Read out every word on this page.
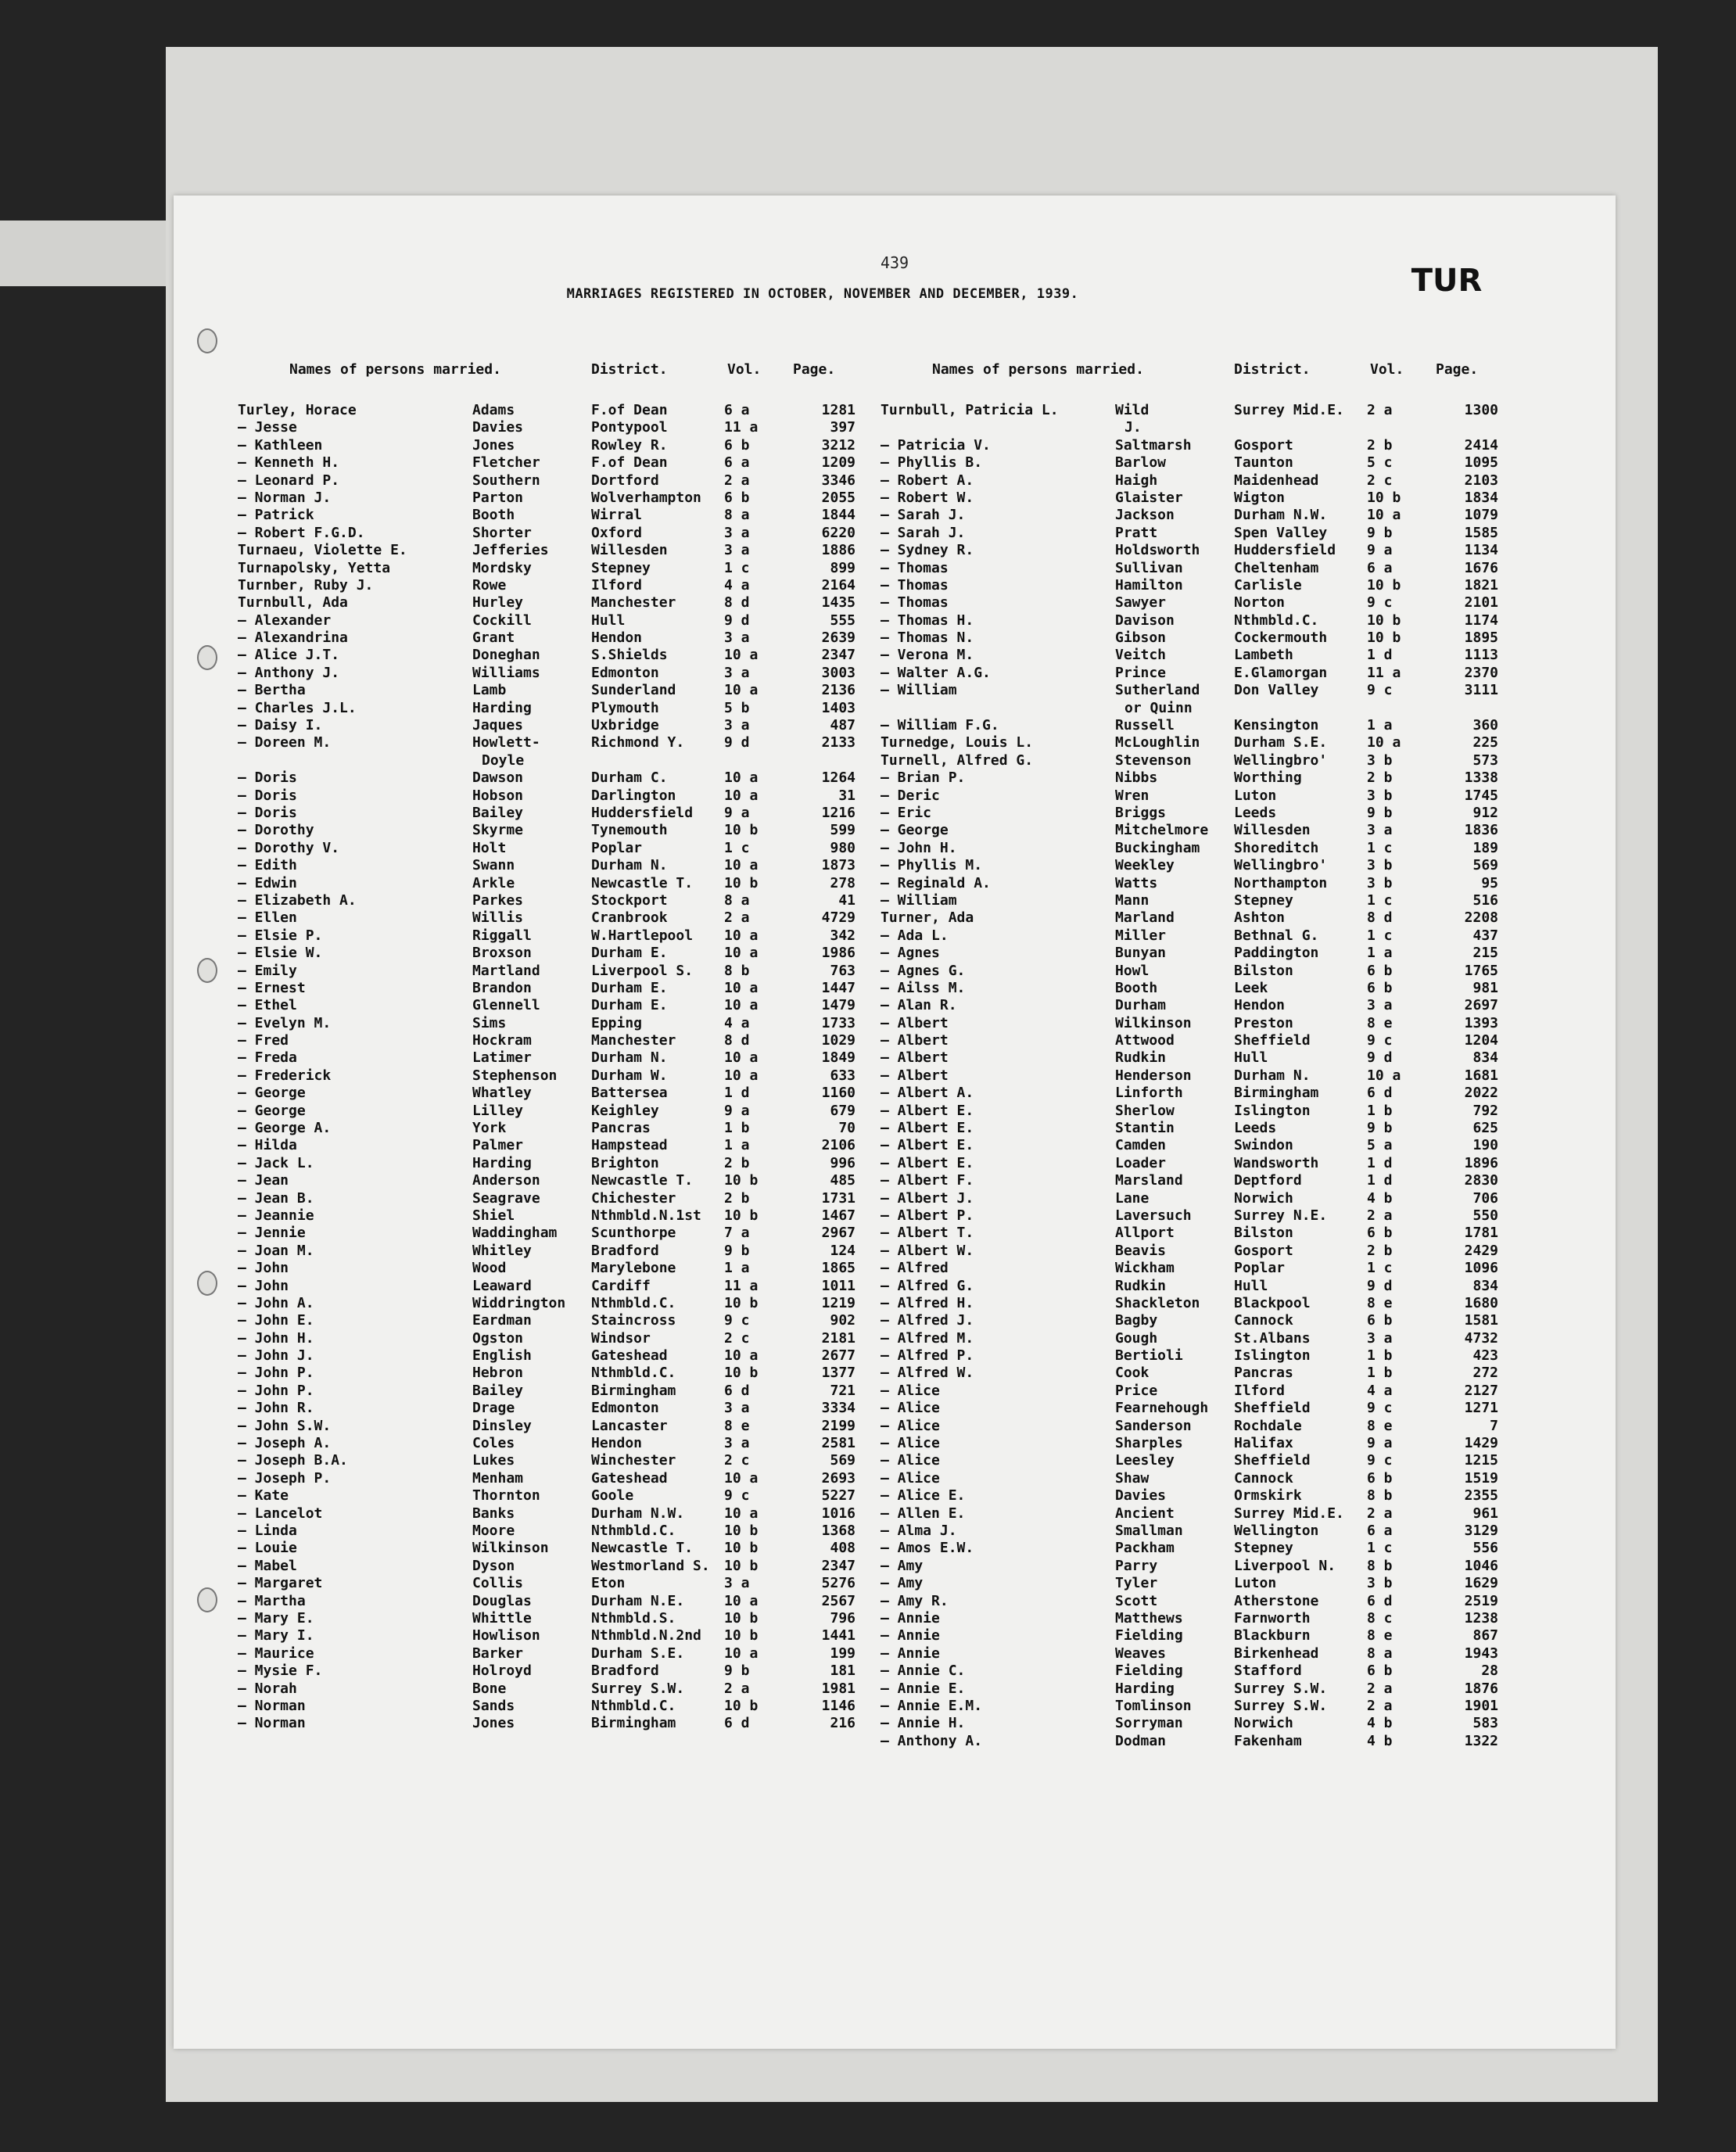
439
MARRIAGES REGISTERED IN OCTOBER, NOVEMBER AND DECEMBER, 1939.	TUR
Names of persons married.	District.	Vol. Page.	Names of persons married.	District.	Vol. Page.
Turley, Horace	Adams	F.of Dean	6 a	1281
— Jesse	Davies	Pontypool	11 a	397
— Kathleen	Jones	Rowley R.	6 b	3212
— Kenneth H.	Fletcher	F.of Dean	6 a	1209
— Leonard P.	Southern	Dortford	2 a	3346
— Norman J.	Parton	Wolverhampton 6 b	2055
— Patrick	Booth	Wirral	8 a	1844
— Robert F.G.D.	Shorter	Oxford	3 a	6220
Turnaeu, Violette E.	Jefferies	Willesden	3 a	1886
Turnapolsky, Yetta	Mordsky	Stepney	1 c	899
Turnber, Ruby J.	Rowe	Ilford	4 a	2164
Turnbull, Ada	Hurley	Manchester	8 d	1435
— Alexander	Cockill	Hull	9 d	555
— Alexandrina	Grant	Hendon	3 a	2639
— Alice J.T.	Doneghan	S.Shields	10 a	2347
— Anthony J.	Williams	Edmonton	3 a	3003
— Bertha	Lamb	Sunderland	10 a	2136
— Charles J.L.	Harding	Plymouth	5 b	1403
— Daisy I.	Jaques	Uxbridge	3 a	487
— Doreen M.	Howlett-	Richmond Y.	9 d	2133
Doyle
— Doris	Dawson	Durham C.	10 a	1264
— Doris	Hobson	Darlington	10 a	31
— Doris	Bailey	Huddersfield 9 a	1216
— Dorothy	Skyrme	Tynemouth	10 b	599
— Dorothy V.	Holt	Poplar	1 c	980
— Edith	Swann	Durham N.	10 a	1873
— Edwin	Arkle	Newcastle T. 10 b	278
— Elizabeth A.	Parkes	Stockport	8 a	41
— Ellen	Willis	Cranbrook	2 a	4729
— Elsie P.	Riggall	W.Hartlepool 10 a	342
— Elsie W.	Broxson	Durham E.	10 a	1986
— Emily	Martland	Liverpool S. 8 b	763
— Ernest	Brandon	Durham E.	10 a	1447
— Ethel	Glennell	Durham E.	10 a	1479
— Evelyn M.	Sims	Epping	4 a	1733
— Fred	Hockram	Manchester	8 d	1029
— Freda	Latimer	Durham N.	10 a	1849
— Frederick	Stephenson Durham W.	10 a	633
— George	Whatley	Battersea	1 d	1160
— George	Lilley	Keighley	9 a	679
— George A.	York	Pancras	1 b	70
— Hilda	Palmer	Hampstead	1 a	2106
— Jack L.	Harding	Brighton	2 b	996
— Jean	Anderson	Newcastle T. 10 b	485
— Jean B.	Seagrave	Chichester	2 b	1731
— Jeannie	Shiel	Nthmbld.N.1st 10 b	1467
— Jennie	Waddingham Scunthorpe	7 a	2967
— Joan M.	Whitley	Bradford	9 b	124
— John	Wood	Marylebone	1 a	1865
— John	Leaward	Cardiff	11 a	1011
— John A.	Widdrington Nthmbld.C.	10 b	1219
— John E.	Eardman	Staincross	9 c	902
— John H.	Ogston	Windsor	2 c	2181
— John J.	English	Gateshead	10 a	2677
— John P.	Hebron	Nthmbld.C.	10 b	1377
— John P.	Bailey	Birmingham	6 d	721
— John R.	Drage	Edmonton	3 a	3334
— John S.W.	Dinsley	Lancaster	8 e	2199
— Joseph A.	Coles	Hendon	3 a	2581
— Joseph B.A.	Lukes	Winchester	2 c	569
— Joseph P.	Menham	Gateshead	10 a	2693
— Kate	Thornton	Goole	9 c	5227
— Lancelot	Banks	Durham N.W.	10 a	1016
— Linda	Moore	Nthmbld.C.	10 b	1368
— Louie	Wilkinson	Newcastle T. 10 b	408
— Mabel	Dyson	Westmorland S. 10 b	2347
— Margaret	Collis	Eton	3 a	5276
— Martha	Douglas	Durham N.E.	10 a	2567
— Mary E.	Whittle	Nthmbld.S.	10 b	796
— Mary I.	Howlison	Nthmbld.N.2nd 10 b	1441
— Maurice	Barker	Durham S.E.	10 a	199
— Mysie F.	Holroyd	Bradford	9 b	181
— Norah	Bone	Surrey S.W.	2 a	1981
— Norman	Sands	Nthmbld.C.	10 b	1146
— Norman	Jones	Birmingham	6 d	216
Turnbull, Patricia L.	Wild	Surrey Mid.E. 2 a	1300
J.
— Patricia V.	Saltmarsh	Gosport	2 b	2414
— Phyllis B.	Barlow	Taunton	5 c	1095
— Robert A.	Haigh	Maidenhead	2 c	2103
— Robert W.	Glaister	Wigton	10 b	1834
— Sarah J.	Jackson	Durham N.W.	10 a	1079
— Sarah J.	Pratt	Spen Valley	9 b	1585
— Sydney R.	Holdsworth Huddersfield 9 a	1134
— Thomas	Sullivan	Cheltenham	6 a	1676
— Thomas	Hamilton	Carlisle	10 b	1821
— Thomas	Sawyer	Norton	9 c	2101
— Thomas H.	Davison	Nthmbld.C.	10 b	1174
— Thomas N.	Gibson	Cockermouth	10 b	1895
— Verona M.	Veitch	Lambeth	1 d	1113
— Walter A.G.	Prince	E.Glamorgan	11 a	2370
— William	Sutherland Don Valley	9 c	3111
or Quinn
— William F.G.	Russell	Kensington	1 a	360
Turnedge, Louis L.	McLoughlin Durham S.E.	10 a	225
Turnell, Alfred G.	Stevenson	Wellingbro'	3 b	573
— Brian P.	Nibbs	Worthing	2 b	1338
— Deric	Wren	Luton	3 b	1745
— Eric	Briggs	Leeds	9 b	912
— George	Mitchelmore Willesden	3 a	1836
— John H.	Buckingham Shoreditch	1 c	189
— Phyllis M.	Weekley	Wellingbro'	3 b	569
— Reginald A.	Watts	Northampton	3 b	95
— William	Mann	Stepney	1 c	516
Turner, Ada	Marland	Ashton	8 d	2208
— Ada L.	Miller	Bethnal G.	1 c	437
— Agnes	Bunyan	Paddington	1 a	215
— Agnes G.	Howl	Bilston	6 b	1765
— Ailss M.	Booth	Leek	6 b	981
— Alan R.	Durham	Hendon	3 a	2697
— Albert	Wilkinson	Preston	8 e	1393
— Albert	Attwood	Sheffield	9 c	1204
— Albert	Rudkin	Hull	9 d	834
— Albert	Henderson	Durham N.	10 a	1681
— Albert A.	Linforth	Birmingham	6 d	2022
— Albert E.	Sherlow	Islington	1 b	792
— Albert E.	Stantin	Leeds	9 b	625
— Albert E.	Camden	Swindon	5 a	190
— Albert E.	Loader	Wandsworth	1 d	1896
— Albert F.	Marsland	Deptford	1 d	2830
— Albert J.	Lane	Norwich	4 b	706
— Albert P.	Laversuch	Surrey N.E.	2 a	550
— Albert T.	Allport	Bilston	6 b	1781
— Albert W.	Beavis	Gosport	2 b	2429
— Alfred	Wickham	Poplar	1 c	1096
— Alfred G.	Rudkin	Hull	9 d	834
— Alfred H.	Shackleton Blackpool	8 e	1680
— Alfred J.	Bagby	Cannock	6 b	1581
— Alfred M.	Gough	St.Albans	3 a	4732
— Alfred P.	Bertioli	Islington	1 b	423
— Alfred W.	Cook	Pancras	1 b	272
— Alice	Price	Ilford	4 a	2127
— Alice	Fearnehough Sheffield	9 c	1271
— Alice	Sanderson	Rochdale	8 e	7
— Alice	Sharples	Halifax	9 a	1429
— Alice	Leesley	Sheffield	9 c	1215
— Alice	Shaw	Cannock	6 b	1519
— Alice E.	Davies	Ormskirk	8 b	2355
— Allen E.	Ancient	Surrey Mid.E. 2 a	961
— Alma J.	Smallman	Wellington	6 a	3129
— Amos E.W.	Packham	Stepney	1 c	556
— Amy	Parry	Liverpool N. 8 b	1046
— Amy	Tyler	Luton	3 b	1629
— Amy R.	Scott	Atherstone	6 d	2519
— Annie	Matthews	Farnworth	8 c	1238
— Annie	Fielding	Blackburn	8 e	867
— Annie	Weaves	Birkenhead	8 a	1943
— Annie C.	Fielding	Stafford	6 b	28
— Annie E.	Harding	Surrey S.W.	2 a	1876
— Annie E.M.	Tomlinson	Surrey S.W.	2 a	1901
— Annie H.	Sorryman	Norwich	4 b	583
— Anthony A.	Dodman	Fakenham	4 b	1322
